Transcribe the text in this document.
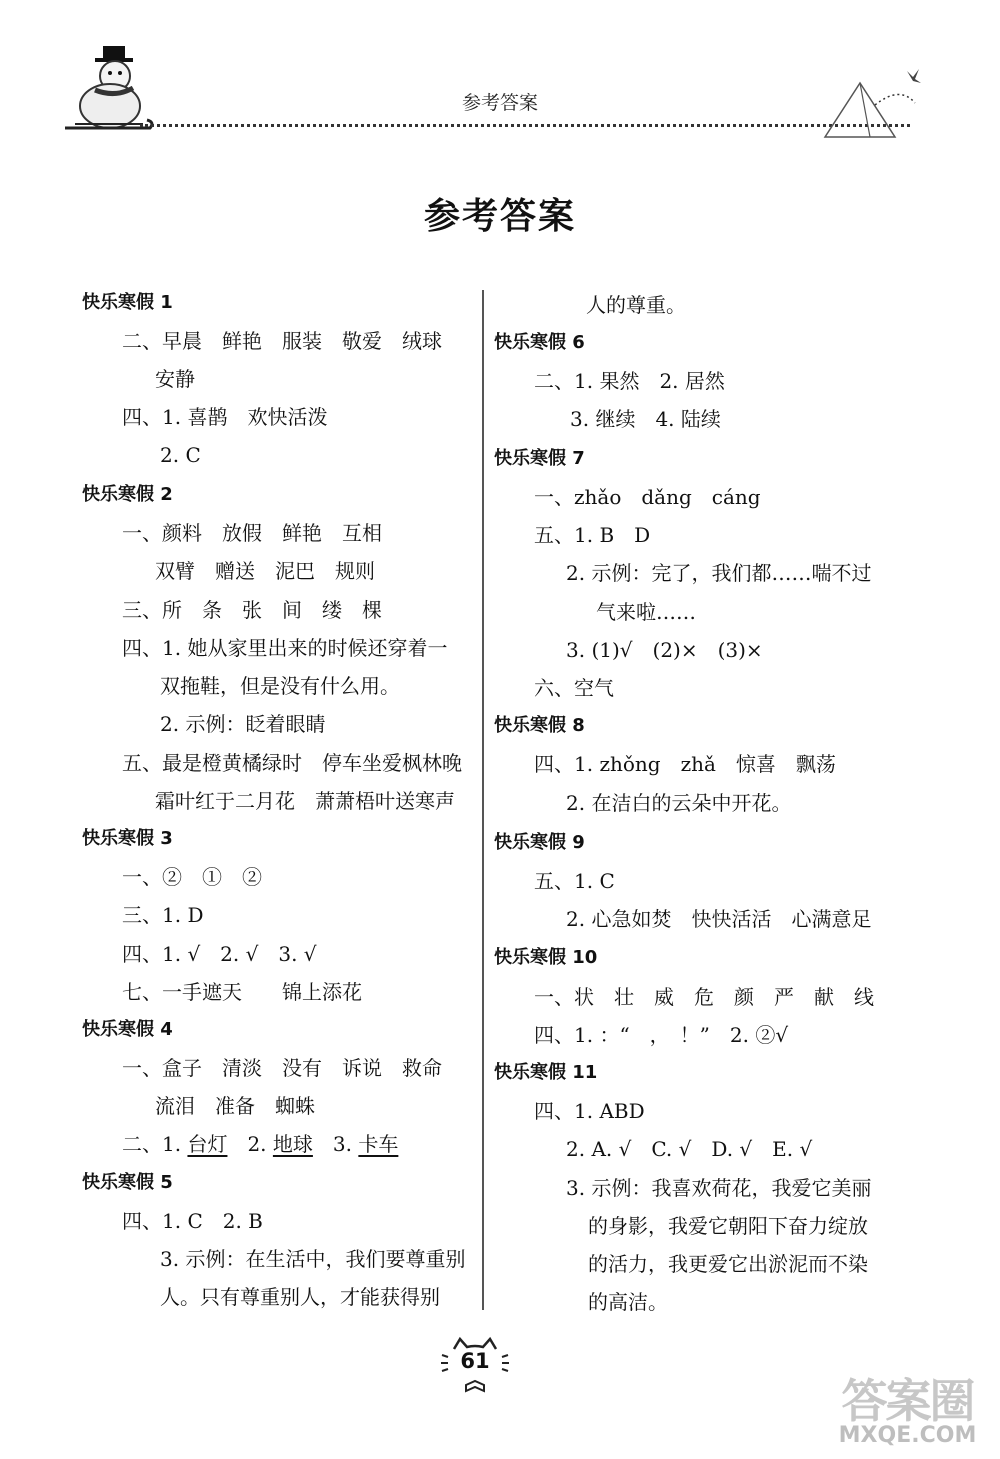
参考答案
参考答案
快乐寒假 1
二、早晨　鲜艳　服装　敬爱　绒球
安静
四、1. 喜鹊　欢快活泼
2. C
快乐寒假 2
一、颜料　放假　鲜艳　互相
双臂　赠送　泥巴　规则
三、所　条　张　间　缕　棵
四、1. 她从家里出来的时候还穿着一
双拖鞋，但是没有什么用。
2. 示例：眨着眼睛
五、最是橙黄橘绿时　停车坐爱枫林晚
霜叶红于二月花　萧萧梧叶送寒声
快乐寒假 3
一、②　①　②
三、1. D
四、1. √　2. √　3. √
七、一手遮天　　锦上添花
快乐寒假 4
一、盒子　清淡　没有　诉说　救命
流泪　准备　蜘蛛
二、1. 台灯　2. 地球　3. 卡车
快乐寒假 5
四、1. C　2. B
3. 示例：在生活中，我们要尊重别
人。只有尊重别人，才能获得别
人的尊重。
快乐寒假 6
二、1. 果然　2. 居然
3. 继续　4. 陆续
快乐寒假 7
一、zhǎo　dǎng　cáng
五、1. B　D
2. 示例：完了，我们都……喘不过
气来啦……
3. (1)√　(2)×　(3)×
六、空气
快乐寒假 8
四、1. zhǒng　zhǎ　惊喜　飘荡
2. 在洁白的云朵中开花。
快乐寒假 9
五、1. C
2. 心急如焚　快快活活　心满意足
快乐寒假 10
一、状　壮　威　危　颜　严　献　线
四、1. ：“　，　！”　2. ②√
快乐寒假 11
四、1. ABD
2. A. √　C. √　D. √　E. √
3. 示例：我喜欢荷花，我爱它美丽
的身影，我爱它朝阳下奋力绽放
的活力，我更爱它出淤泥而不染
的高洁。
61
答案圈
MXQE.COM
